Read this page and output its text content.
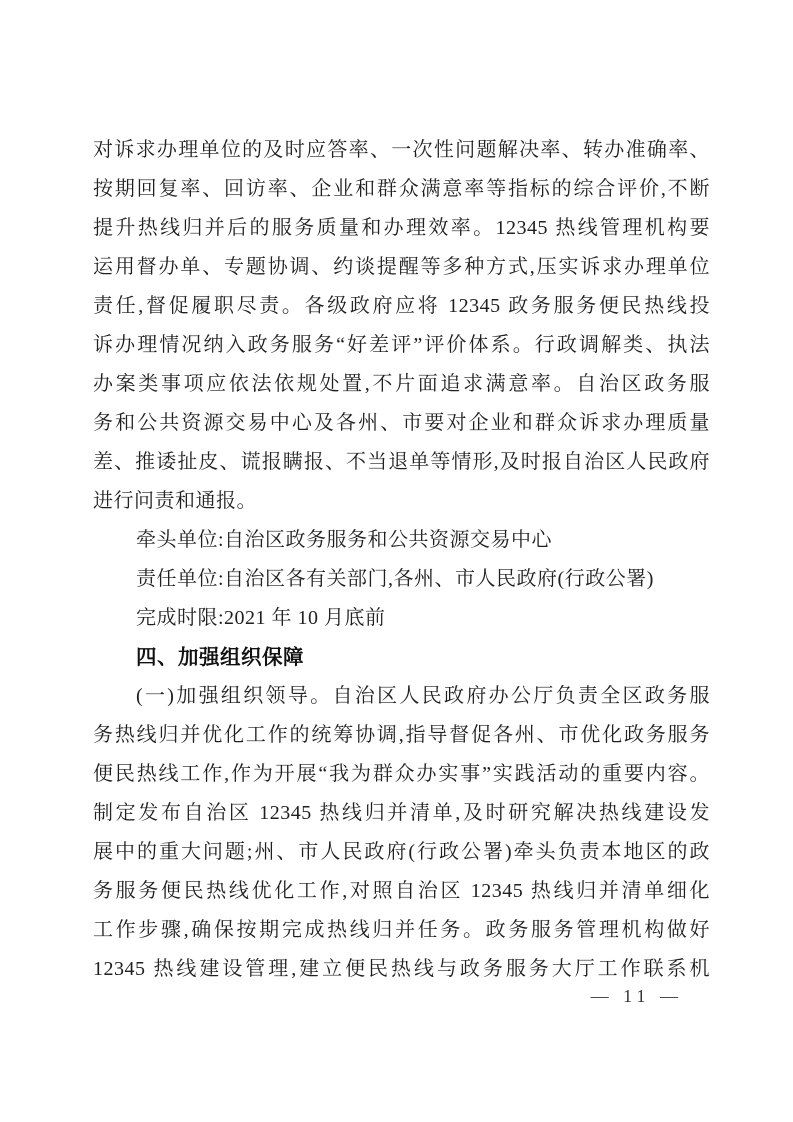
对诉求办理单位的及时应答率、一次性问题解决率、转办准确率、
按期回复率、回访率、企业和群众满意率等指标的综合评价,不断
提升热线归并后的服务质量和办理效率。12345 热线管理机构要
运用督办单、专题协调、约谈提醒等多种方式,压实诉求办理单位
责任,督促履职尽责。各级政府应将 12345 政务服务便民热线投
诉办理情况纳入政务服务“好差评”评价体系。行政调解类、执法
办案类事项应依法依规处置,不片面追求满意率。自治区政务服
务和公共资源交易中心及各州、市要对企业和群众诉求办理质量
差、推诿扯皮、谎报瞒报、不当退单等情形,及时报自治区人民政府
进行问责和通报。
牵头单位:自治区政务服务和公共资源交易中心
责任单位:自治区各有关部门,各州、市人民政府(行政公署)
完成时限:2021 年 10 月底前
四、加强组织保障
(一)加强组织领导。自治区人民政府办公厅负责全区政务服
务热线归并优化工作的统筹协调,指导督促各州、市优化政务服务
便民热线工作,作为开展“我为群众办实事”实践活动的重要内容。
制定发布自治区 12345 热线归并清单,及时研究解决热线建设发
展中的重大问题;州、市人民政府(行政公署)牵头负责本地区的政
务服务便民热线优化工作,对照自治区 12345 热线归并清单细化
工作步骤,确保按期完成热线归并任务。政务服务管理机构做好
12345 热线建设管理,建立便民热线与政务服务大厅工作联系机
— 11 —
